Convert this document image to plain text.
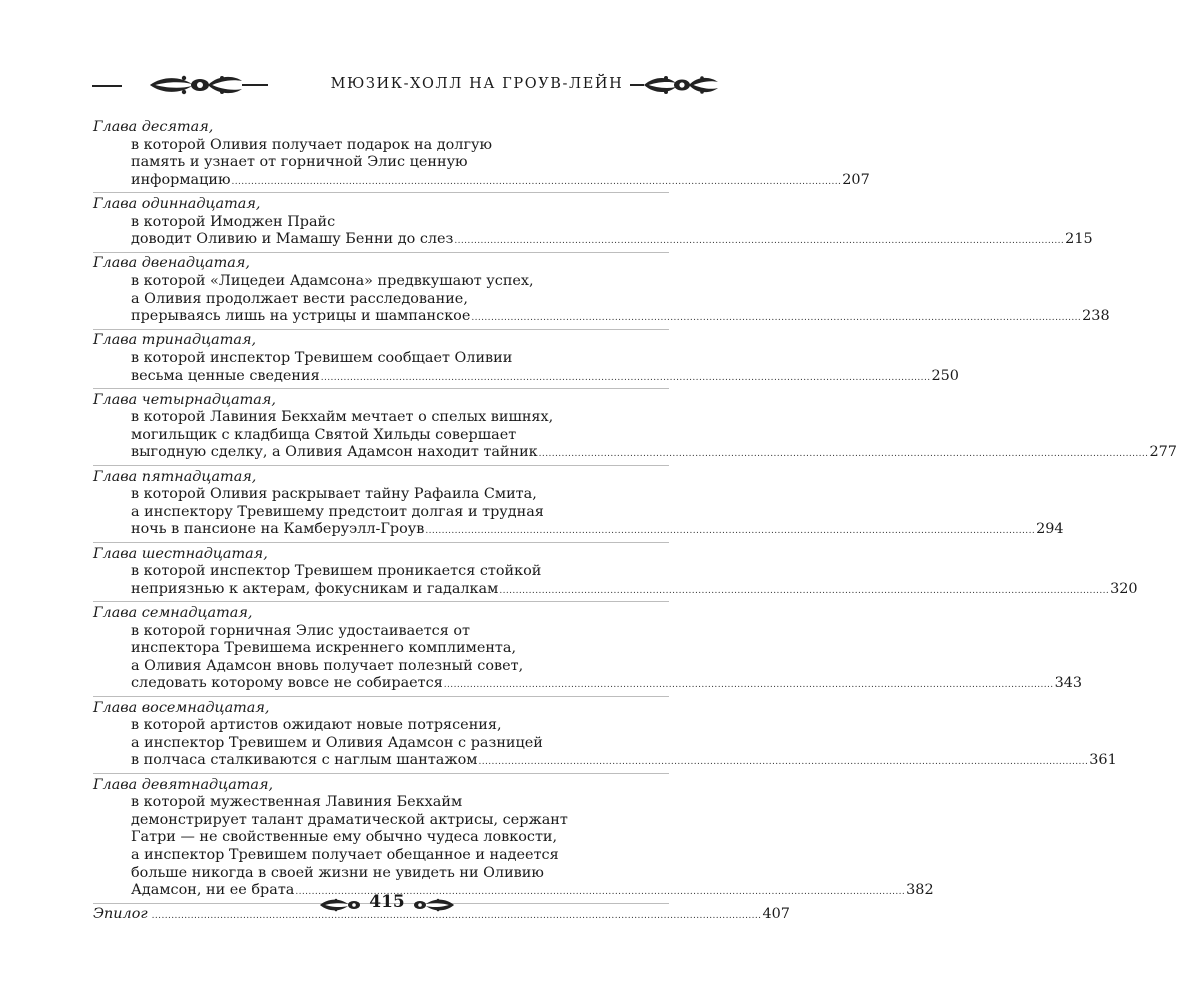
МЮЗИК-ХОЛЛ НА ГРОУВ-ЛЕЙН
Глава десятая,
в которой Оливия получает подарок на долгую
память и узнает от горничной Элис ценную
информацию ........................................................................................................................................................................................... 207
Глава одиннадцатая,
в которой Имоджен Прайс
доводит Оливию и Мамашу Бенни до слез ........................................................................................................................................................................................... 215
Глава двенадцатая,
в которой «Лицедеи Адамсона» предвкушают успех,
а Оливия продолжает вести расследование,
прерываясь лишь на устрицы и шампанское ........................................................................................................................................................................................... 238
Глава тринадцатая,
в которой инспектор Тревишем сообщает Оливии
весьма ценные сведения ........................................................................................................................................................................................... 250
Глава четырнадцатая,
в которой Лавиния Бекхайм мечтает о спелых вишнях,
могильщик с кладбища Святой Хильды совершает
выгодную сделку, а Оливия Адамсон находит тайник ........................................................................................................................................................................................... 277
Глава пятнадцатая,
в которой Оливия раскрывает тайну Рафаила Смита,
а инспектору Тревишему предстоит долгая и трудная
ночь в пансионе на Камберуэлл-Гроув ........................................................................................................................................................................................... 294
Глава шестнадцатая,
в которой инспектор Тревишем проникается стойкой
неприязнью к актерам, фокусникам и гадалкам ........................................................................................................................................................................................... 320
Глава семнадцатая,
в которой горничная Элис удостаивается от
инспектора Тревишема искреннего комплимента,
а Оливия Адамсон вновь получает полезный совет,
следовать которому вовсе не собирается ........................................................................................................................................................................................... 343
Глава восемнадцатая,
в которой артистов ожидают новые потрясения,
а инспектор Тревишем и Оливия Адамсон с разницей
в полчаса сталкиваются с наглым шантажом ........................................................................................................................................................................................... 361
Глава девятнадцатая,
в которой мужественная Лавиния Бекхайм
демонстрирует талант драматической актрисы, сержант
Гатри — не свойственные ему обычно чудеса ловкости,
а инспектор Тревишем получает обещанное и надеется
больше никогда в своей жизни не увидеть ни Оливию
Адамсон, ни ее брата ........................................................................................................................................................................................... 382
Эпилог ........................................................................................................................................................................................... 407
415
